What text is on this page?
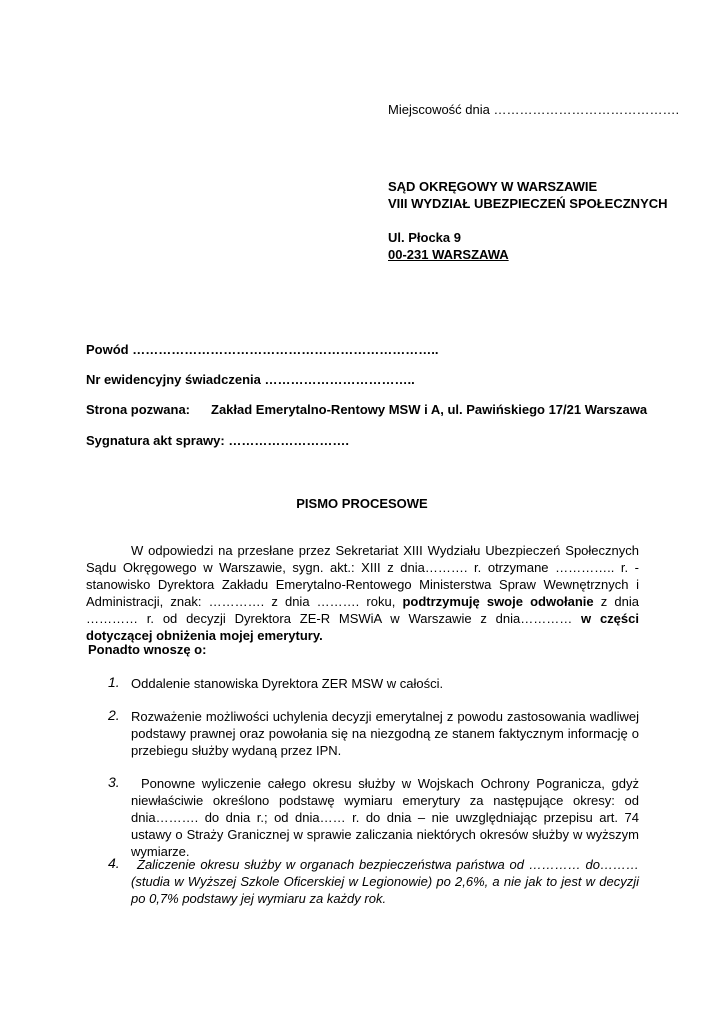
Miejscowość dnia …………………………………….
SĄD OKRĘGOWY W WARSZAWIE
VIII WYDZIAŁ UBEZPIECZEŃ SPOŁECZNYCH
Ul. Płocka 9
00-231 WARSZAWA
Powód ……………………………………………………………..
Nr ewidencyjny świadczenia ……………………………..
Strona pozwana: Zakład Emerytalno-Rentowy MSW i A, ul. Pawińskiego 17/21 Warszawa
Sygnatura akt sprawy: ……………………….
PISMO PROCESOWE
W odpowiedzi na przesłane przez Sekretariat XIII Wydziału Ubezpieczeń Społecznych Sądu Okręgowego w Warszawie, sygn. akt.: XIII z dnia………. r. otrzymane ………….. r. - stanowisko Dyrektora Zakładu Emerytalno-Rentowego Ministerstwa Spraw Wewnętrznych i Administracji, znak: …………. z dnia ………. roku, podtrzymuję swoje odwołanie z dnia ………… r. od decyzji Dyrektora ZE-R MSWiA w Warszawie z dnia………… w części dotyczącej obniżenia mojej emerytury.
Ponadto wnoszę o:
1. Oddalenie stanowiska Dyrektora ZER MSW w całości.
2. Rozważenie możliwości uchylenia decyzji emerytalnej z powodu zastosowania wadliwej podstawy prawnej oraz powołania się na niezgodną ze stanem faktycznym informację o przebiegu służby wydaną przez IPN.
3.	Ponowne wyliczenie całego okresu służby w Wojskach Ochrony Pogranicza, gdyż niewłaściwie określono podstawę wymiaru emerytury za następujące okresy: od dnia………. do dnia r.; od dnia…… r. do dnia – nie uwzględniając przepisu art. 74 ustawy o Straży Granicznej w sprawie zaliczania niektórych okresów służby w wyższym wymiarze.
4.	Zaliczenie okresu służby w organach bezpieczeństwa państwa od ………… do……… (studia w Wyższej Szkole Oficerskiej w Legionowie) po 2,6%, a nie jak to jest w decyzji po 0,7% podstawy jej wymiaru za każdy rok.
